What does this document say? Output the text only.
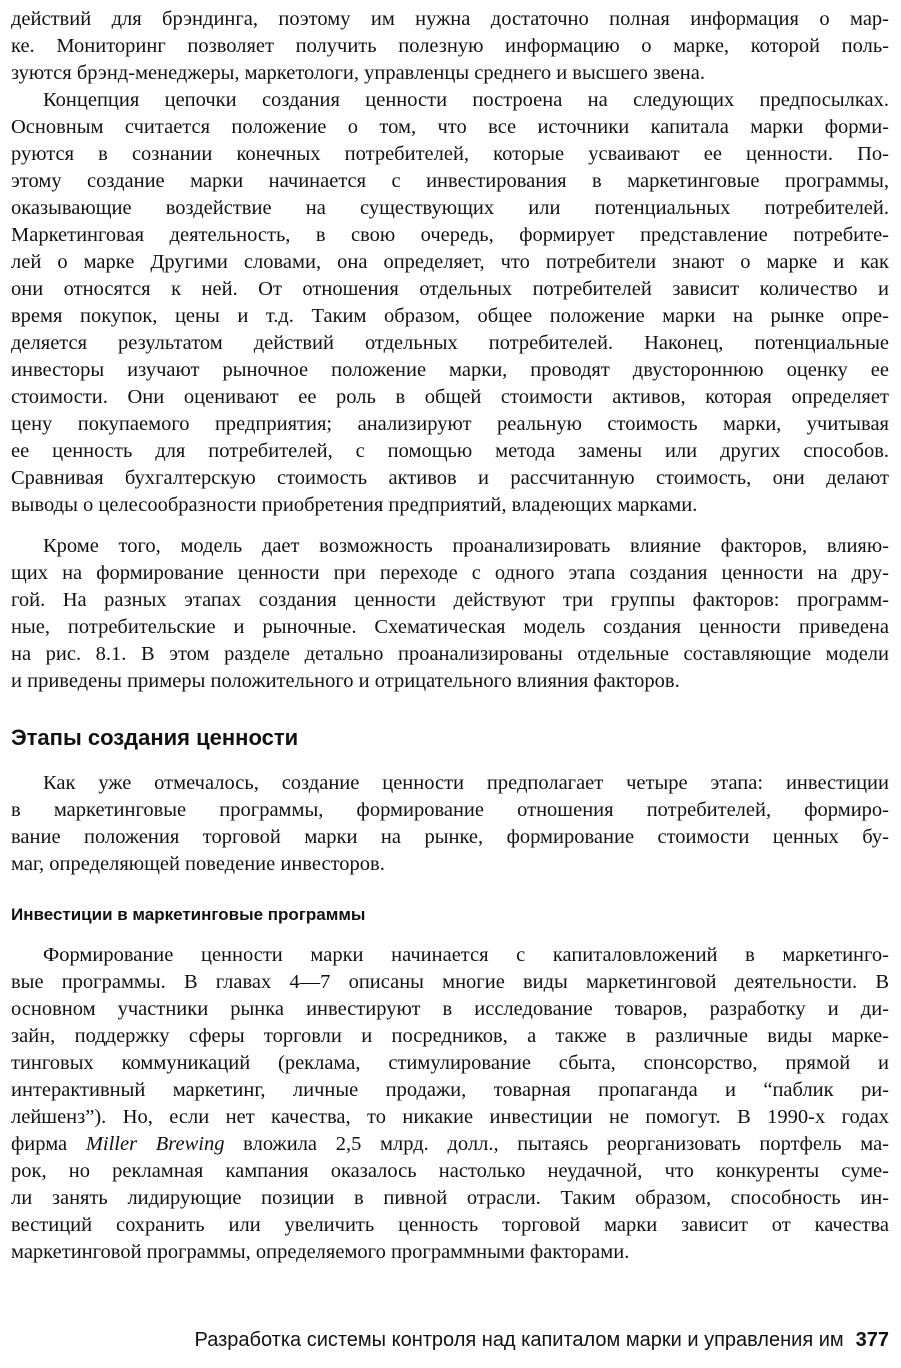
действий для брэндинга, поэтому им нужна достаточно полная информация о мар-
ке. Мониторинг позволяет получить полезную информацию о марке, которой поль-
зуются брэнд-менеджеры, маркетологи, управленцы среднего и высшего звена.
Концепция цепочки создания ценности построена на следующих предпосылках.
Основным считается положение о том, что все источники капитала марки форми-
руются в сознании конечных потребителей, которые усваивают ее ценности. По-
этому создание марки начинается с инвестирования в маркетинговые программы,
оказывающие воздействие на существующих или потенциальных потребителей.
Маркетинговая деятельность, в свою очередь, формирует представление потребите-
лей о марке Другими словами, она определяет, что потребители знают о марке и как
они относятся к ней. От отношения отдельных потребителей зависит количество и
время покупок, цены и т.д. Таким образом, общее положение марки на рынке опре-
деляется результатом действий отдельных потребителей. Наконец, потенциальные
инвесторы изучают рыночное положение марки, проводят двустороннюю оценку ее
стоимости. Они оценивают ее роль в общей стоимости активов, которая определяет
цену покупаемого предприятия; анализируют реальную стоимость марки, учитывая
ее ценность для потребителей, с помощью метода замены или других способов.
Сравнивая бухгалтерскую стоимость активов и рассчитанную стоимость, они делают
выводы о целесообразности приобретения предприятий, владеющих марками.
Кроме того, модель дает возможность проанализировать влияние факторов, влияю-
щих на формирование ценности при переходе с одного этапа создания ценности на дру-
гой. На разных этапах создания ценности действуют три группы факторов: программ-
ные, потребительские и рыночные. Схематическая модель создания ценности приведена
на рис. 8.1. В этом разделе детально проанализированы отдельные составляющие модели
и приведены примеры положительного и отрицательного влияния факторов.
Этапы создания ценности
Как уже отмечалось, создание ценности предполагает четыре этапа: инвестиции
в маркетинговые программы, формирование отношения потребителей, формиро-
вание положения торговой марки на рынке, формирование стоимости ценных бу-
маг, определяющей поведение инвесторов.
Инвестиции в маркетинговые программы
Формирование ценности марки начинается с капиталовложений в маркетинго-
вые программы. В главах 4—7 описаны многие виды маркетинговой деятельности. В
основном участники рынка инвестируют в исследование товаров, разработку и ди-
зайн, поддержку сферы торговли и посредников, а также в различные виды марке-
тинговых коммуникаций (реклама, стимулирование сбыта, спонсорство, прямой и
интерактивный маркетинг, личные продажи, товарная пропаганда и “паблик ри-
лейшенз”). Но, если нет качества, то никакие инвестиции не помогут. В 1990-х годах
фирма Miller Brewing вложила 2,5 млрд. долл., пытаясь реорганизовать портфель ма-
рок, но рекламная кампания оказалось настолько неудачной, что конкуренты суме-
ли занять лидирующие позиции в пивной отрасли. Таким образом, способность ин-
вестиций сохранить или увеличить ценность торговой марки зависит от качества
маркетинговой программы, определяемого программными факторами.
Разработка системы контроля над капиталом марки и управления им 377
